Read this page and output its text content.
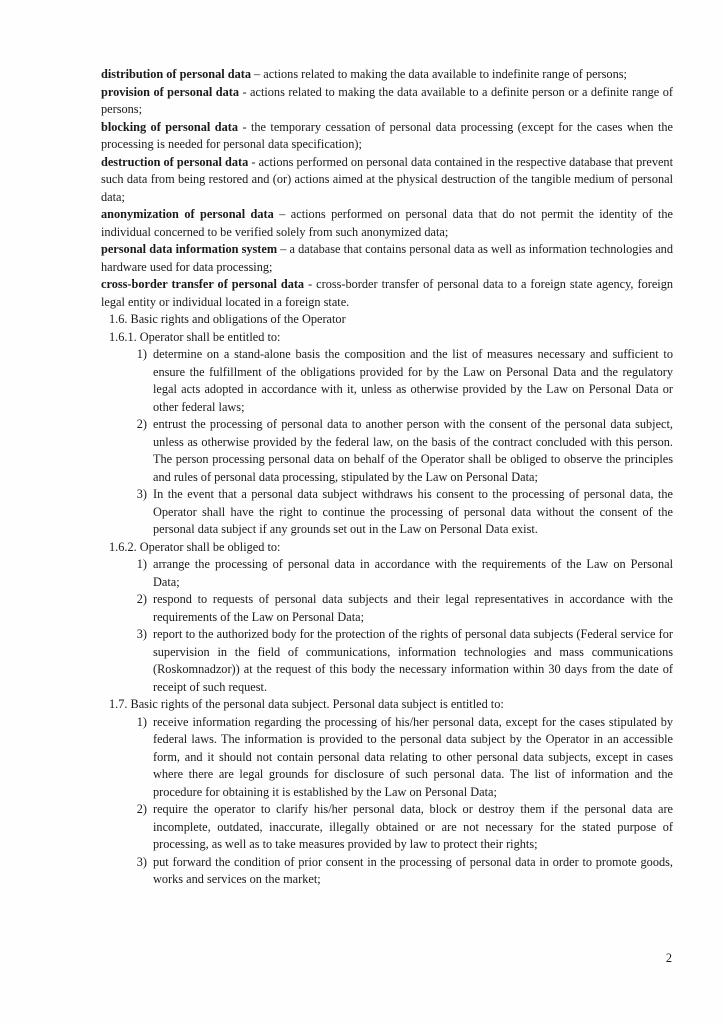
distribution of personal data – actions related to making the data available to indefinite range of persons;

provision of personal data - actions related to making the data available to a definite person or a definite range of persons;

blocking of personal data - the temporary cessation of personal data processing (except for the cases when the processing is needed for personal data specification);

destruction of personal data - actions performed on personal data contained in the respective database that prevent such data from being restored and (or) actions aimed at the physical destruction of the tangible medium of personal data;

anonymization of personal data – actions performed on personal data that do not permit the identity of the individual concerned to be verified solely from such anonymized data;

personal data information system – a database that contains personal data as well as information technologies and hardware used for data processing;

cross-border transfer of personal data - cross-border transfer of personal data to a foreign state agency, foreign legal entity or individual located in a foreign state.

1.6. Basic rights and obligations of the Operator

1.6.1. Operator shall be entitled to:

1) determine on a stand-alone basis the composition and the list of measures necessary and sufficient to ensure the fulfillment of the obligations provided for by the Law on Personal Data and the regulatory legal acts adopted in accordance with it, unless as otherwise provided by the Law on Personal Data or other federal laws;

2) entrust the processing of personal data to another person with the consent of the personal data subject, unless as otherwise provided by the federal law, on the basis of the contract concluded with this person. The person processing personal data on behalf of the Operator shall be obliged to observe the principles and rules of personal data processing, stipulated by the Law on Personal Data;

3) In the event that a personal data subject withdraws his consent to the processing of personal data, the Operator shall have the right to continue the processing of personal data without the consent of the personal data subject if any grounds set out in the Law on Personal Data exist.

1.6.2. Operator shall be obliged to:

1) arrange the processing of personal data in accordance with the requirements of the Law on Personal Data;

2) respond to requests of personal data subjects and their legal representatives in accordance with the requirements of the Law on Personal Data;

3) report to the authorized body for the protection of the rights of personal data subjects (Federal service for supervision in the field of communications, information technologies and mass communications (Roskomnadzor)) at the request of this body the necessary information within 30 days from the date of receipt of such request.

1.7. Basic rights of the personal data subject. Personal data subject is entitled to:

1) receive information regarding the processing of his/her personal data, except for the cases stipulated by federal laws. The information is provided to the personal data subject by the Operator in an accessible form, and it should not contain personal data relating to other personal data subjects, except in cases where there are legal grounds for disclosure of such personal data. The list of information and the procedure for obtaining it is established by the Law on Personal Data;

2) require the operator to clarify his/her personal data, block or destroy them if the personal data are incomplete, outdated, inaccurate, illegally obtained or are not necessary for the stated purpose of processing, as well as to take measures provided by law to protect their rights;

3) put forward the condition of prior consent in the processing of personal data in order to promote goods, works and services on the market;

2
